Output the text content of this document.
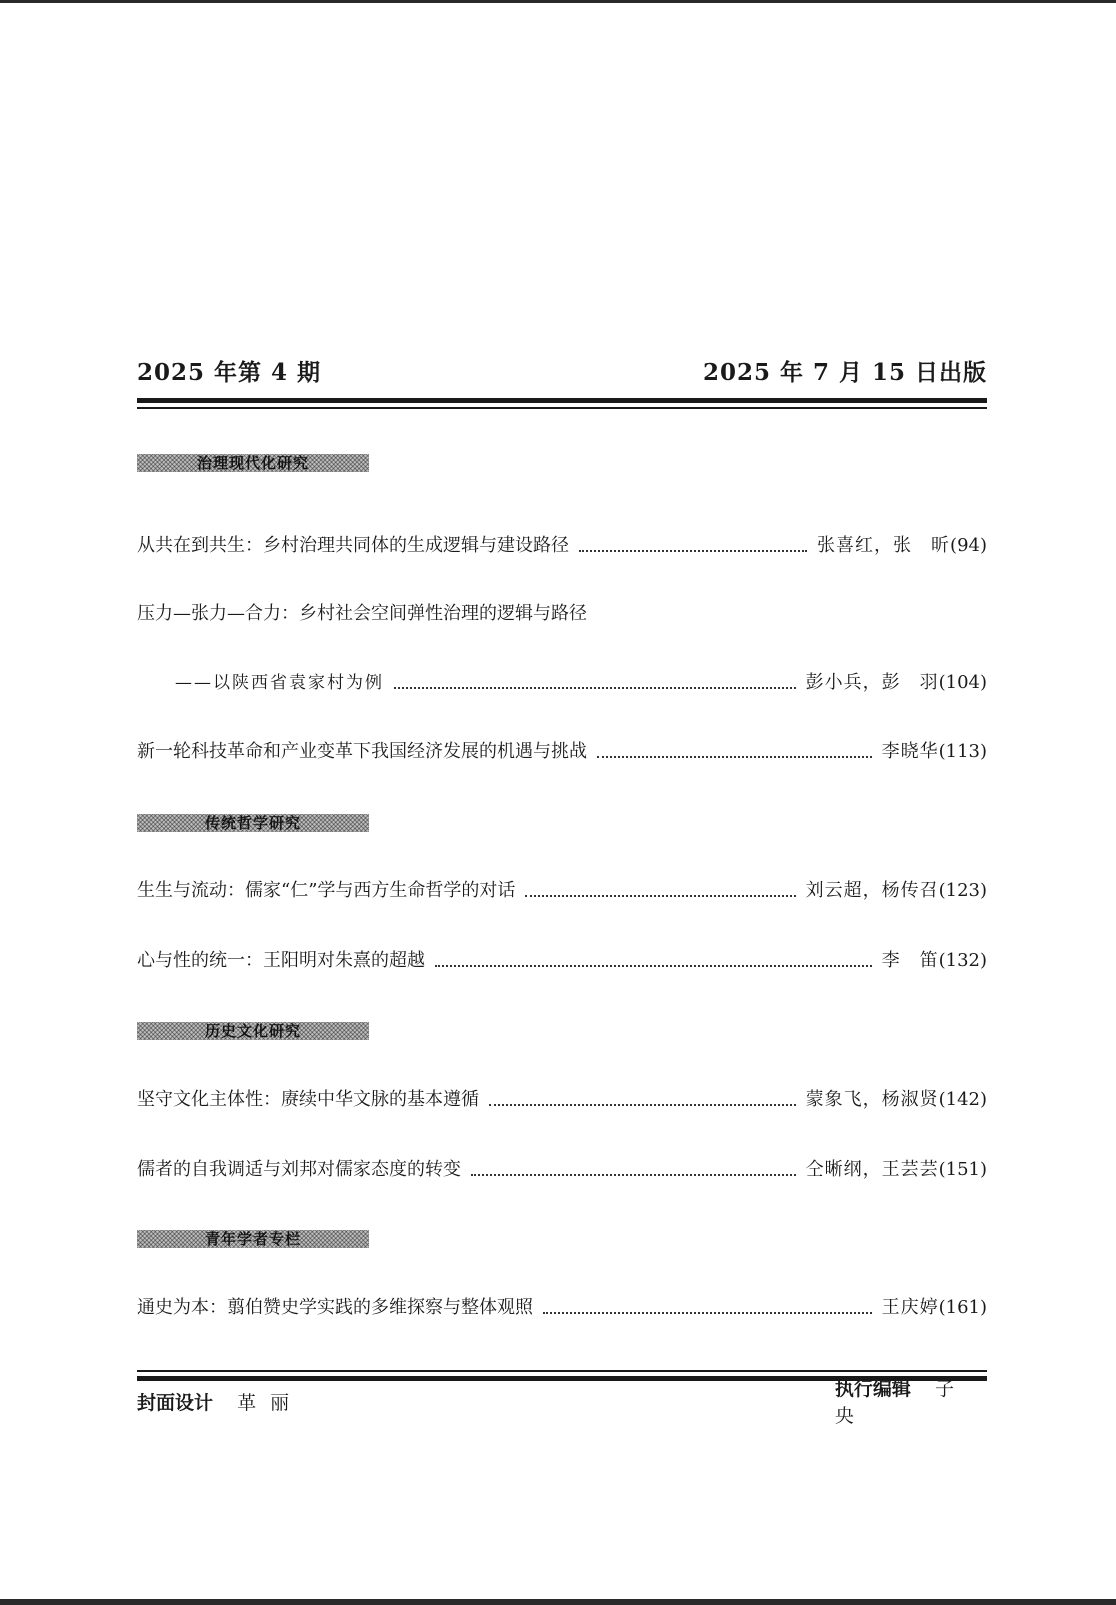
2025 年第 4 期	2025 年 7 月 15 日出版
治理现代化研究
从共在到共生：乡村治理共同体的生成逻辑与建设路径	张喜红，张　昕 (94)
压力—张力—合力：乡村社会空间弹性治理的逻辑与路径
——以陕西省袁家村为例	彭小兵，彭　羽 (104)
新一轮科技革命和产业变革下我国经济发展的机遇与挑战	李晓华 (113)
传统哲学研究
生生与流动：儒家“仁”学与西方生命哲学的对话	刘云超，杨传召 (123)
心与性的统一：王阳明对朱熹的超越	李　笛 (132)
历史文化研究
坚守文化主体性：赓续中华文脉的基本遵循	蒙象飞，杨淑贤 (142)
儒者的自我调适与刘邦对儒家态度的转变	仝晰纲，王芸芸 (151)
青年学者专栏
通史为本：翦伯赞史学实践的多维探察与整体观照	王庆婷 (161)
封面设计 革丽
执行编辑 子央
